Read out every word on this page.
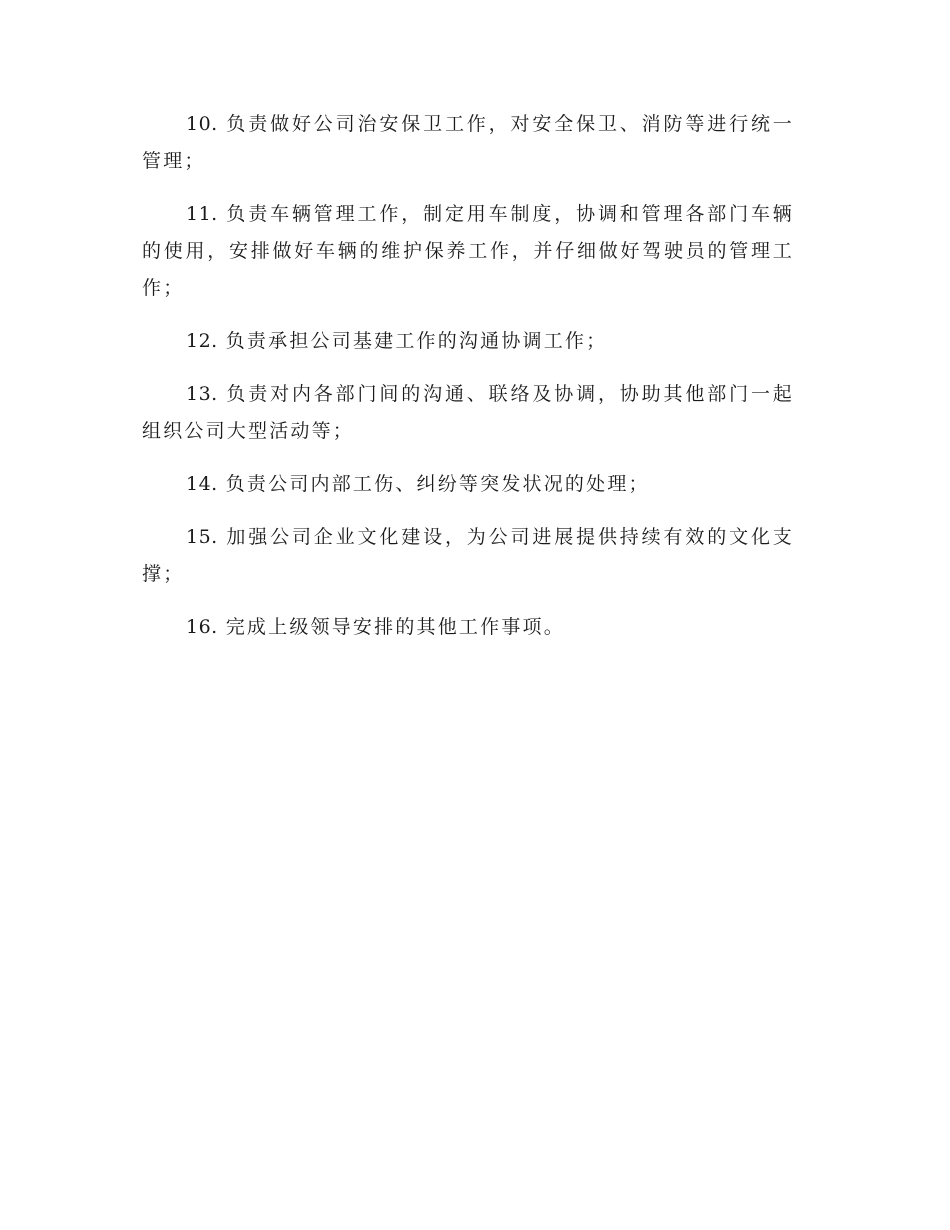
10. 负责做好公司治安保卫工作，对安全保卫、消防等进行统一管理；

11. 负责车辆管理工作，制定用车制度，协调和管理各部门车辆的使用，安排做好车辆的维护保养工作，并仔细做好驾驶员的管理工作；

12. 负责承担公司基建工作的沟通协调工作；

13. 负责对内各部门间的沟通、联络及协调，协助其他部门一起组织公司大型活动等；

14. 负责公司内部工伤、纠纷等突发状况的处理；

15. 加强公司企业文化建设，为公司进展提供持续有效的文化支撑；

16. 完成上级领导安排的其他工作事项。
